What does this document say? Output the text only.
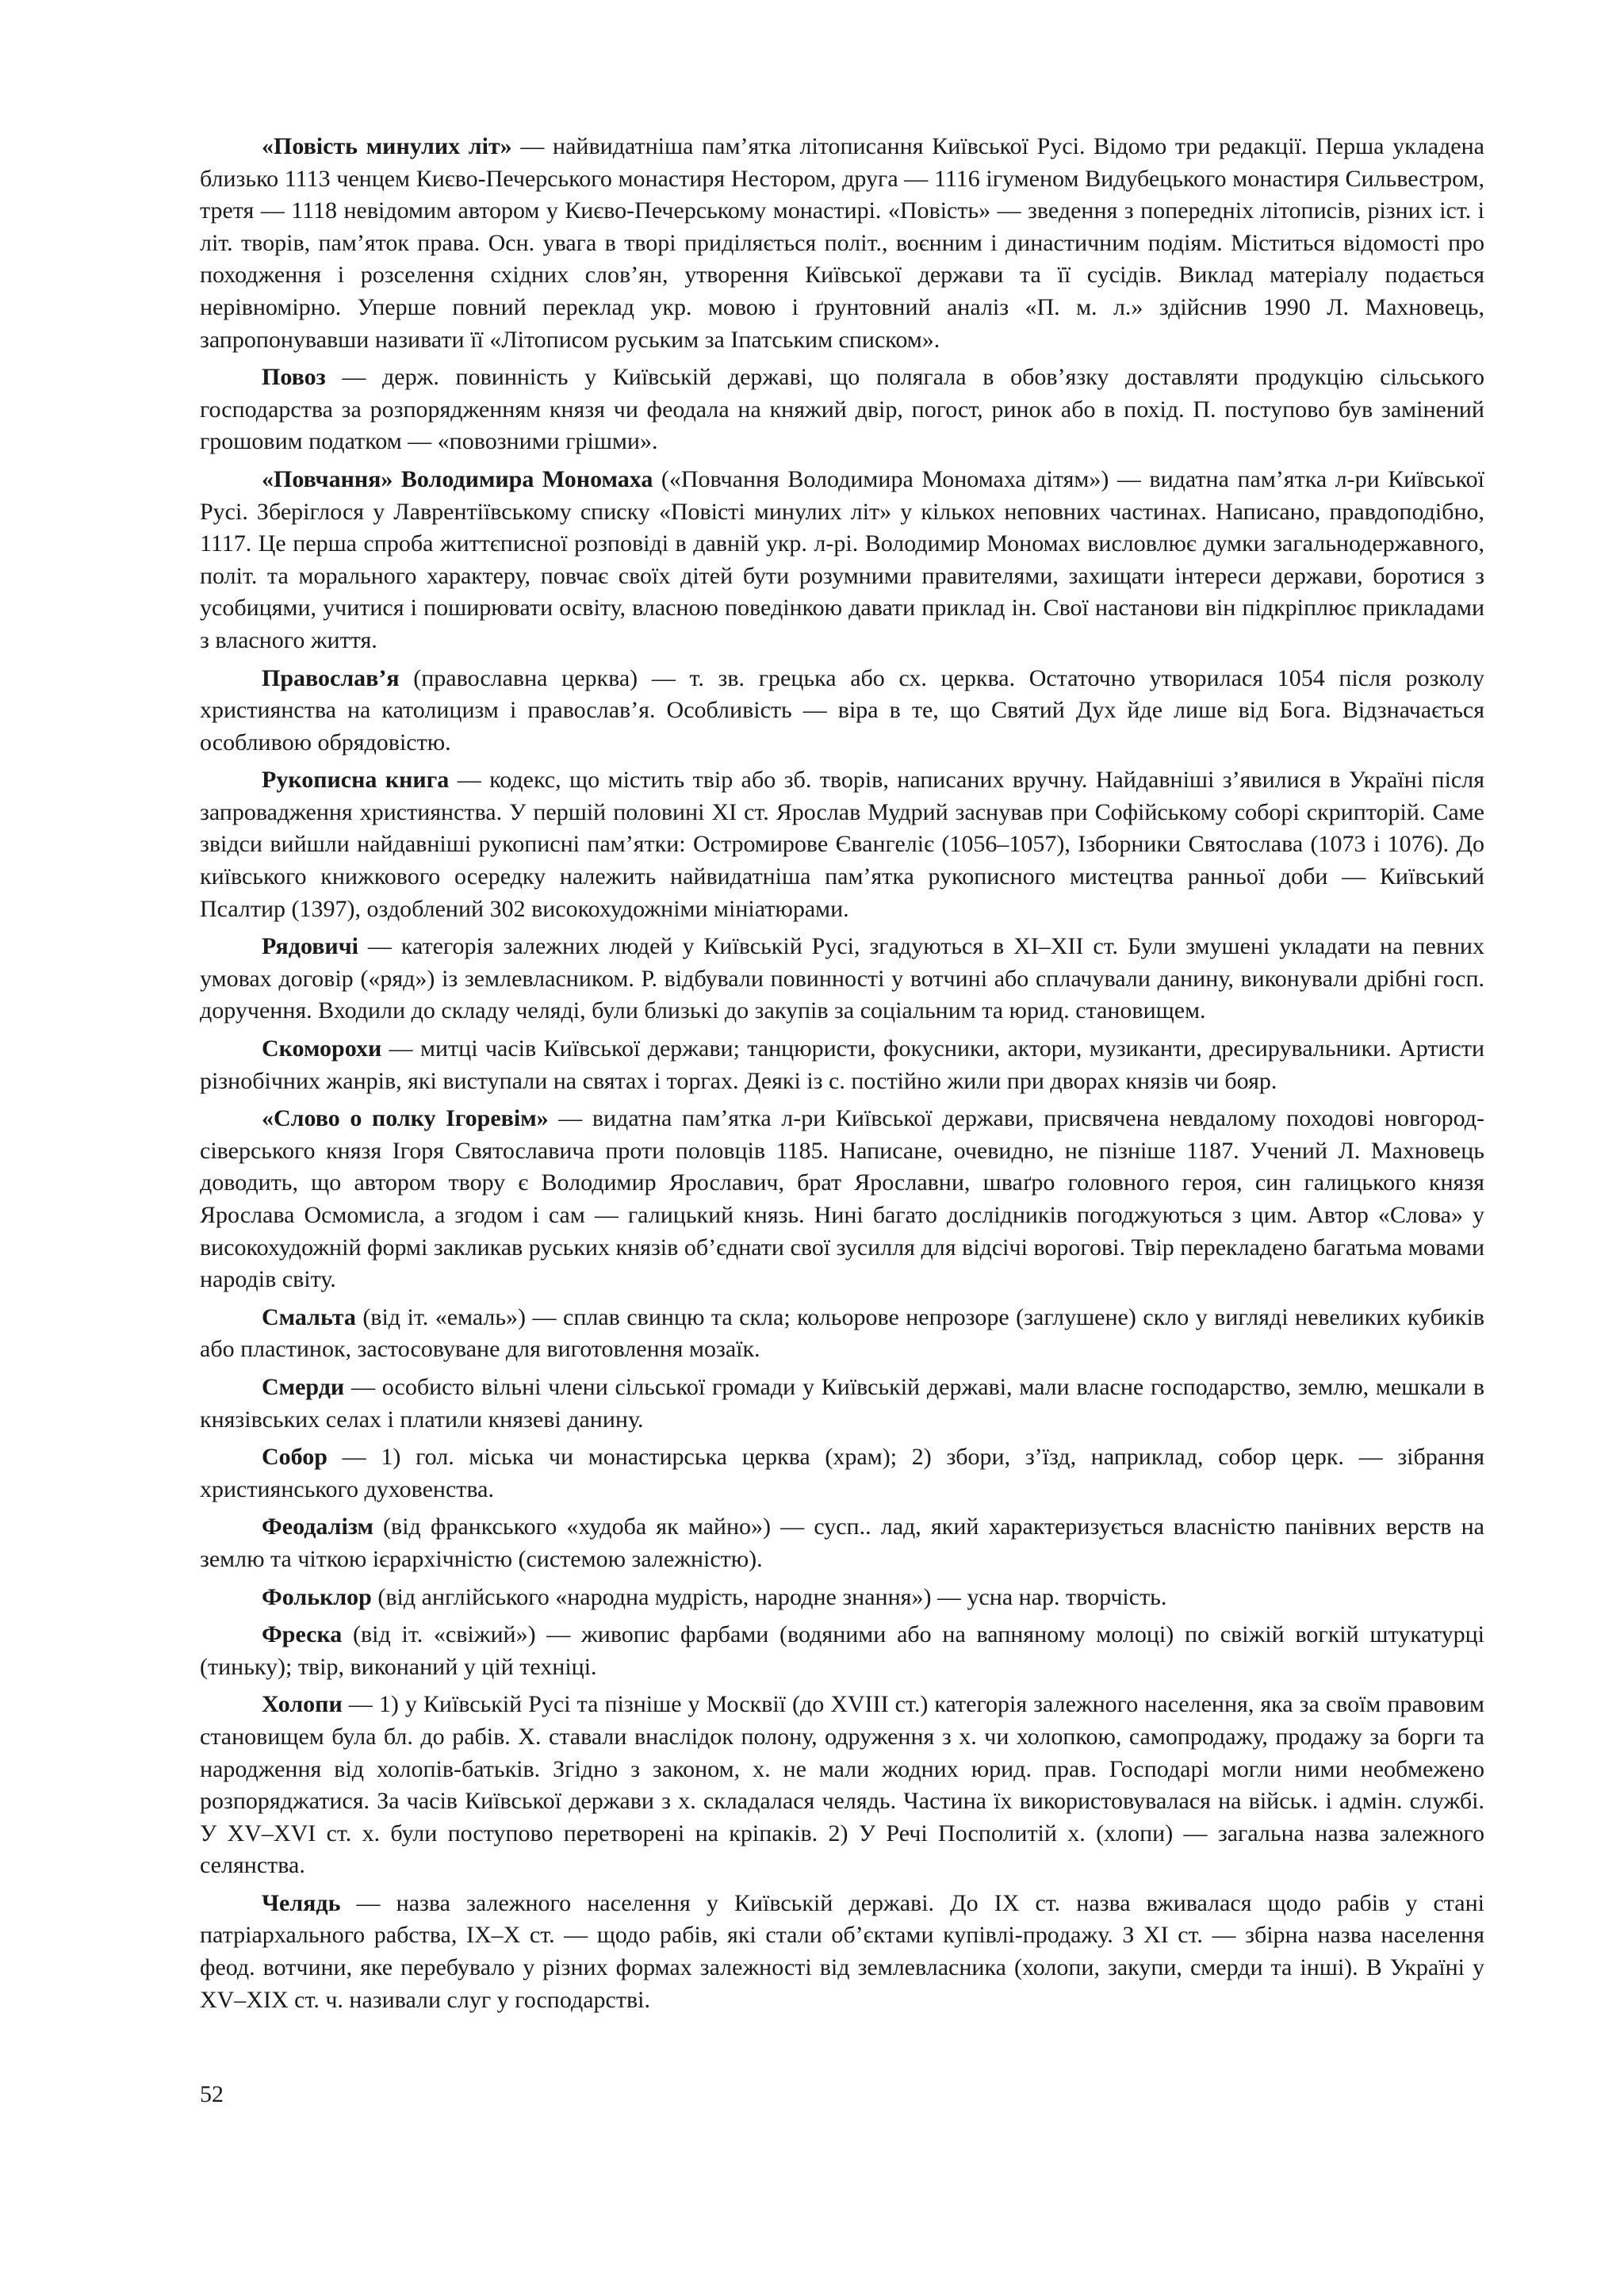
«Повість минулих літ» — найвидатніша пам’ятка літописання Київської Русі. Відомо три редакції. Перша укладена близько 1113 ченцем Києво-Печерського монастиря Нестором, друга — 1116 ігуменом Видубецького монастиря Сильвестром, третя — 1118 невідомим автором у Києво-Печерському монастирі. «Повість» — зведення з попередніх літописів, різних іст. і літ. творів, пам’яток права. Осн. увага в творі приділяється політ., воєнним і династичним подіям. Міститься відомості про походження і розселення східних слов’ян, утворення Київської держави та її сусідів. Виклад матеріалу подається нерівномірно. Уперше повний переклад укр. мовою і ґрунтовний аналіз «П. м. л.» здійснив 1990 Л. Махновець, запропонувавши називати її «Літописом руським за Іпатським списком».

Повоз — держ. повинність у Київській державі, що полягала в обов’язку доставляти продукцію сільського господарства за розпорядженням князя чи феодала на княжий двір, погост, ринок або в похід. П. поступово був замінений грошовим податком — «повозними грішми».

«Повчання» Володимира Мономаха («Повчання Володимира Мономаха дітям») — видатна пам’ятка л-ри Київської Русі. Зберіглося у Лаврентіївському списку «Повісті минулих літ» у кількох неповних частинах. Написано, правдоподібно, 1117. Це перша спроба життєписної розповіді в давній укр. л-рі. Володимир Мономах висловлює думки загальнодержавного, політ. та морального характеру, повчає своїх дітей бути розумними правителями, захищати інтереси держави, боротися з усобицями, учитися і поширювати освіту, власною поведінкою давати приклад ін. Свої настанови він підкріплює прикладами з власного життя.

Православ’я (православна церква) — т. зв. грецька або сх. церква. Остаточно утворилася 1054 після розколу християнства на католицизм і православ’я. Особливість — віра в те, що Святий Дух йде лише від Бога. Відзначається особливою обрядовістю.

Рукописна книга — кодекс, що містить твір або зб. творів, написаних вручну. Найдавніші з’явилися в Україні після запровадження християнства. У першій половині XI ст. Ярослав Мудрий заснував при Софійському соборі скрипторій. Саме звідси вийшли найдавніші рукописні пам’ятки: Остромирове Євангеліє (1056–1057), Ізборники Святослава (1073 і 1076). До київського книжкового осередку належить найвидатніша пам’ятка рукописного мистецтва ранньої доби — Київський Псалтир (1397), оздоблений 302 високохудожніми мініатюрами.

Рядовичі — категорія залежних людей у Київській Русі, згадуються в XI–XII ст. Були змушені укладати на певних умовах договір («ряд») із землевласником. Р. відбували повинності у вотчині або сплачували данину, виконували дрібні госп. доручення. Входили до складу челяді, були близькі до закупів за соціальним та юрид. становищем.

Скоморохи — митці часів Київської держави; танцюристи, фокусники, актори, музиканти, дресирувальники. Артисти різнобічних жанрів, які виступали на святах і торгах. Деякі із с. постійно жили при дворах князів чи бояр.

«Слово о полку Ігоревім» — видатна пам’ятка л-ри Київської держави, присвячена невдалому походові новгород-сіверського князя Ігоря Святославича проти половців 1185. Написане, очевидно, не пізніше 1187. Учений Л. Махновець доводить, що автором твору є Володимир Ярославич, брат Ярославни, шваґро головного героя, син галицького князя Ярослава Осмомисла, а згодом і сам — галицький князь. Нині багато дослідників погоджуються з цим. Автор «Слова» у високохудожній формі закликав руських князів об’єднати свої зусилля для відсічі ворогові. Твір перекладено багатьма мовами народів світу.

Смальта (від іт. «емаль») — сплав свинцю та скла; кольорове непрозоре (заглушене) скло у вигляді невеликих кубиків або пластинок, застосовуване для виготовлення мозаїк.

Смерди — особисто вільні члени сільської громади у Київській державі, мали власне господарство, землю, мешкали в князівських селах і платили князеві данину.

Собор — 1) гол. міська чи монастирська церква (храм); 2) збори, з’їзд, наприклад, собор церк. — зібрання християнського духовенства.

Феодалізм (від франкського «худоба як майно») — сусп.. лад, який характеризується власністю панівних верств на землю та чіткою ієрархічністю (системою залежністю).

Фольклор (від англійського «народна мудрість, народне знання») — усна нар. творчість.

Фреска (від іт. «свіжий») — живопис фарбами (водяними або на вапняному молоці) по свіжій вогкій штукатурці (тиньку); твір, виконаний у цій техніці.

Холопи — 1) у Київській Русі та пізніше у Москвії (до XVIII ст.) категорія залежного населення, яка за своїм правовим становищем була бл. до рабів. Х. ставали внаслідок полону, одруження з х. чи холопкою, самопродажу, продажу за борги та народження від холопів-батьків. Згідно з законом, х. не мали жодних юрид. прав. Господарі могли ними необмежено розпоряджатися. За часів Київської держави з х. складалася челядь. Частина їх використовувалася на військ. і адмін. службі. У XV–XVI ст. х. були поступово перетворені на кріпаків. 2) У Речі Посполитій х. (хлопи) — загальна назва залежного селянства.

Челядь — назва залежного населення у Київській державі. До IX ст. назва вживалася щодо рабів у стані патріархального рабства, IX–X ст. — щодо рабів, які стали об’єктами купівлі-продажу. З XI ст. — збірна назва населення феод. вотчини, яке перебувало у різних формах залежності від землевласника (холопи, закупи, смерди та інші). В Україні у XV–XIX ст. ч. називали слуг у господарстві.

52
